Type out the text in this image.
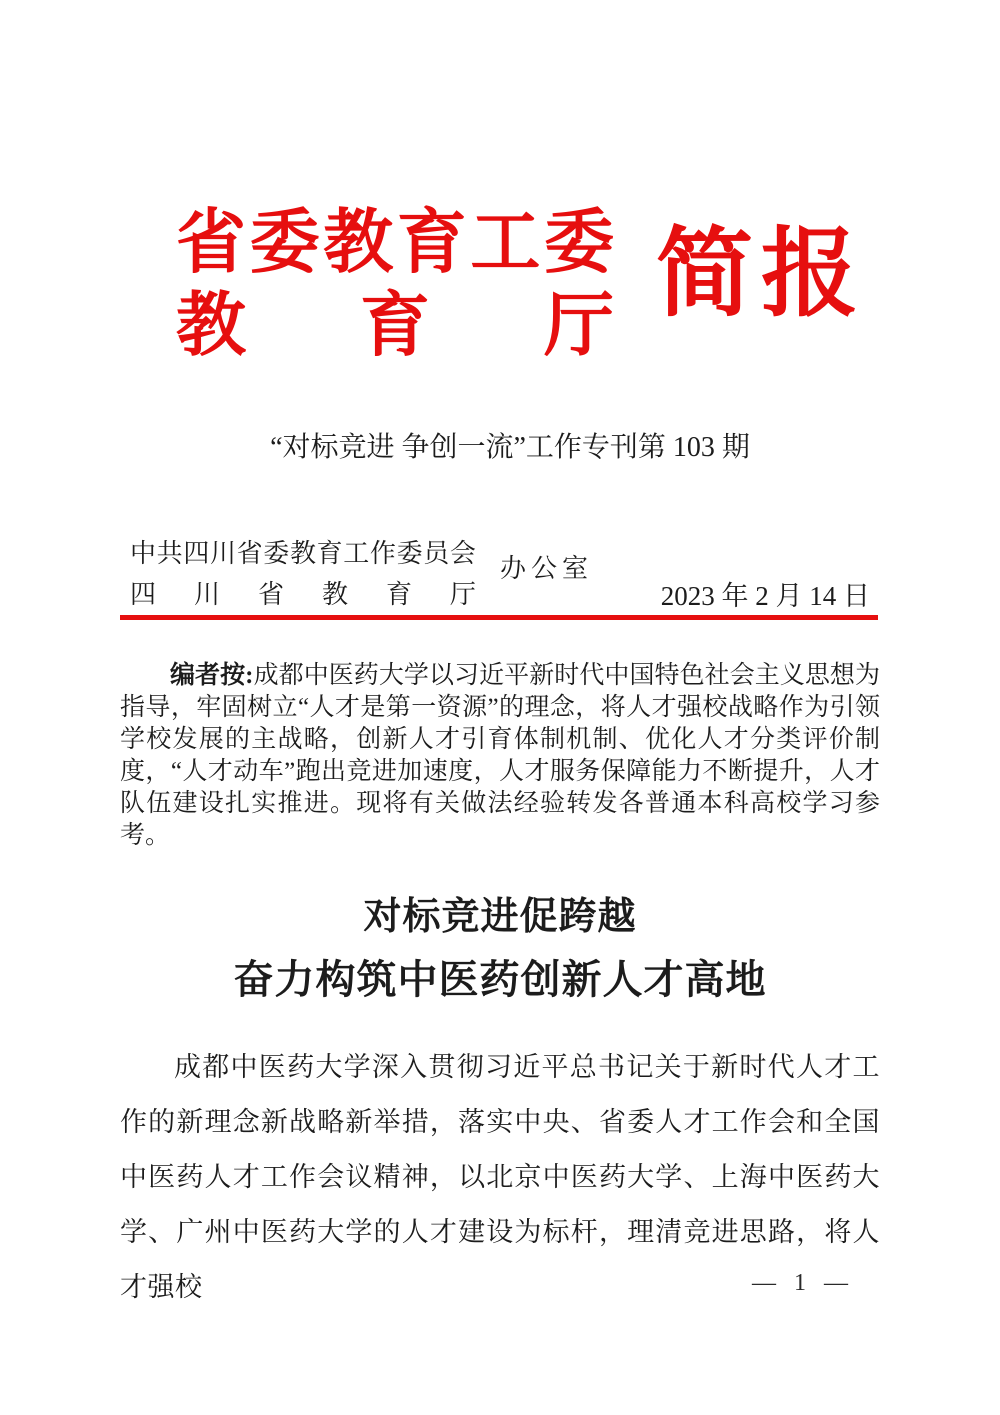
省 委 教 育 工 委
教 育 厅 简报
“对标竞进 争创一流”工作专刊第 103 期
中 共 四 川 省 委 教 育 工 作 委 员 会
四 川 省 教 育 厅
办公室
2023 年 2 月 14 日

编者按:成都中医药大学以习近平新时代中国特色社会主义思想为指导，牢固树立“人才是第一资源”的理念，将人才强校战略作为引领学校发展的主战略，创新人才引育体制机制、优化人才分类评价制度，“人才动车”跑出竞进加速度，人才服务保障能力不断提升，人才队伍建设扎实推进。现将有关做法经验转发各普通本科高校学习参考。

对标竞进促跨越
奋力构筑中医药创新人才高地

成都中医药大学深入贯彻习近平总书记关于新时代人才工作的新理念新战略新举措，落实中央、省委人才工作会和全国中医药人才工作会议精神，以北京中医药大学、上海中医药大学、广州中医药大学的人才建设为标杆，理清竞进思路，将人才强校	— 1 —
